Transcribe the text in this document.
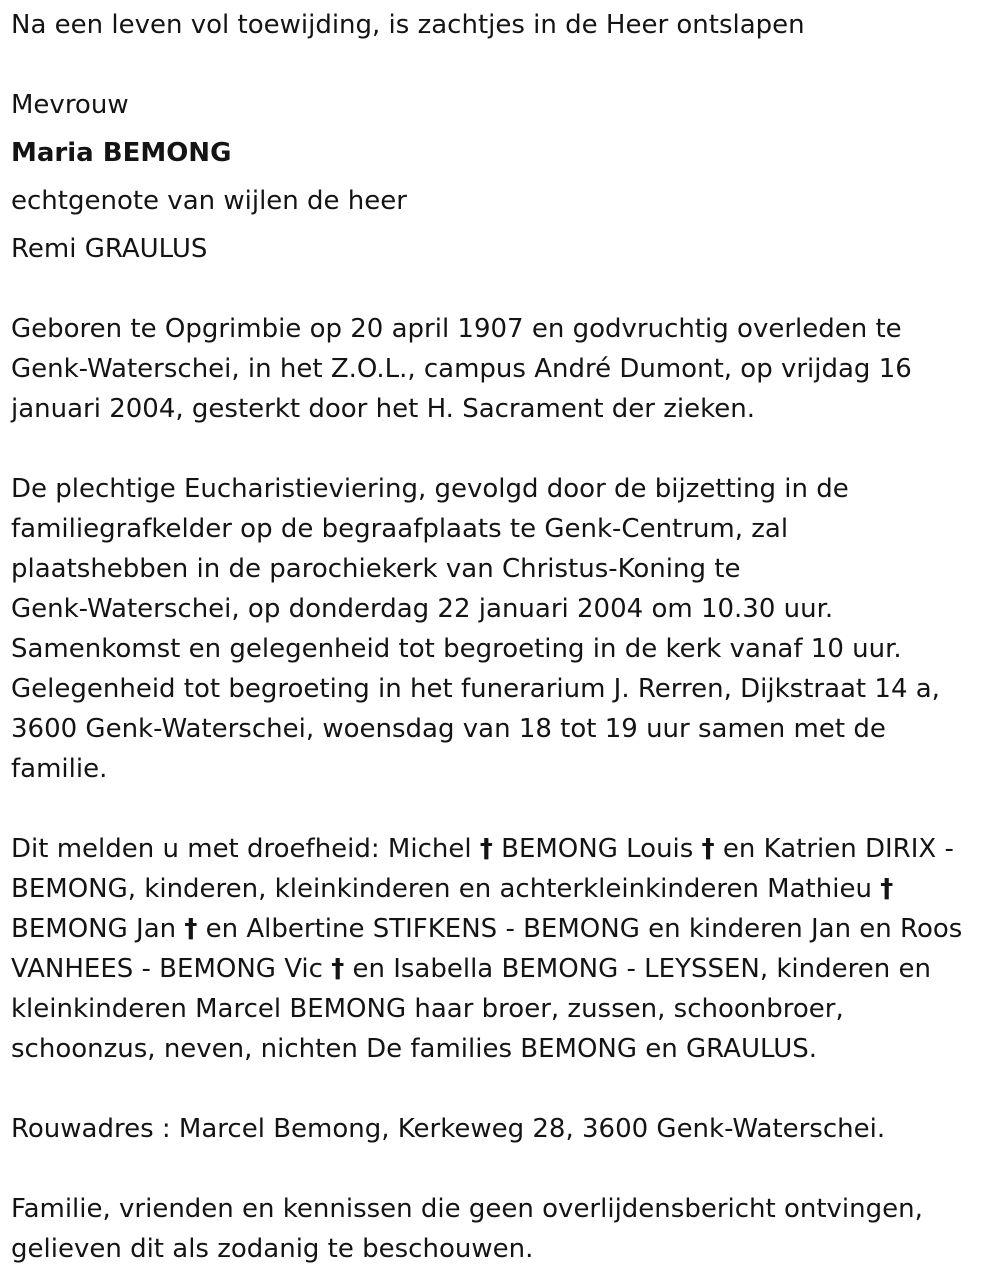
Na een leven vol toewijding, is zachtjes in de Heer ontslapen
Mevrouw
Maria BEMONG
echtgenote van wijlen de heer
Remi GRAULUS
Geboren te Opgrimbie op 20 april 1907 en godvruchtig overleden te
Genk-Waterschei, in het Z.O.L., campus André Dumont, op vrijdag 16
januari 2004, gesterkt door het H. Sacrament der zieken.
De plechtige Eucharistieviering, gevolgd door de bijzetting in de
familiegrafkelder op de begraafplaats te Genk-Centrum, zal
plaatshebben in de parochiekerk van Christus-Koning te
Genk-Waterschei, op donderdag 22 januari 2004 om 10.30 uur.
Samenkomst en gelegenheid tot begroeting in de kerk vanaf 10 uur.
Gelegenheid tot begroeting in het funerarium J. Rerren, Dijkstraat 14 a,
3600 Genk-Waterschei, woensdag van 18 tot 19 uur samen met de
familie.
Dit melden u met droefheid: Michel † BEMONG Louis † en Katrien DIRIX -
BEMONG, kinderen, kleinkinderen en achterkleinkinderen Mathieu †
BEMONG Jan † en Albertine STIFKENS - BEMONG en kinderen Jan en Roos
VANHEES - BEMONG Vic † en Isabella BEMONG - LEYSSEN, kinderen en
kleinkinderen Marcel BEMONG haar broer, zussen, schoonbroer,
schoonzus, neven, nichten De families BEMONG en GRAULUS.
Rouwadres : Marcel Bemong, Kerkeweg 28, 3600 Genk-Waterschei.
Familie, vrienden en kennissen die geen overlijdensbericht ontvingen,
gelieven dit als zodanig te beschouwen.
